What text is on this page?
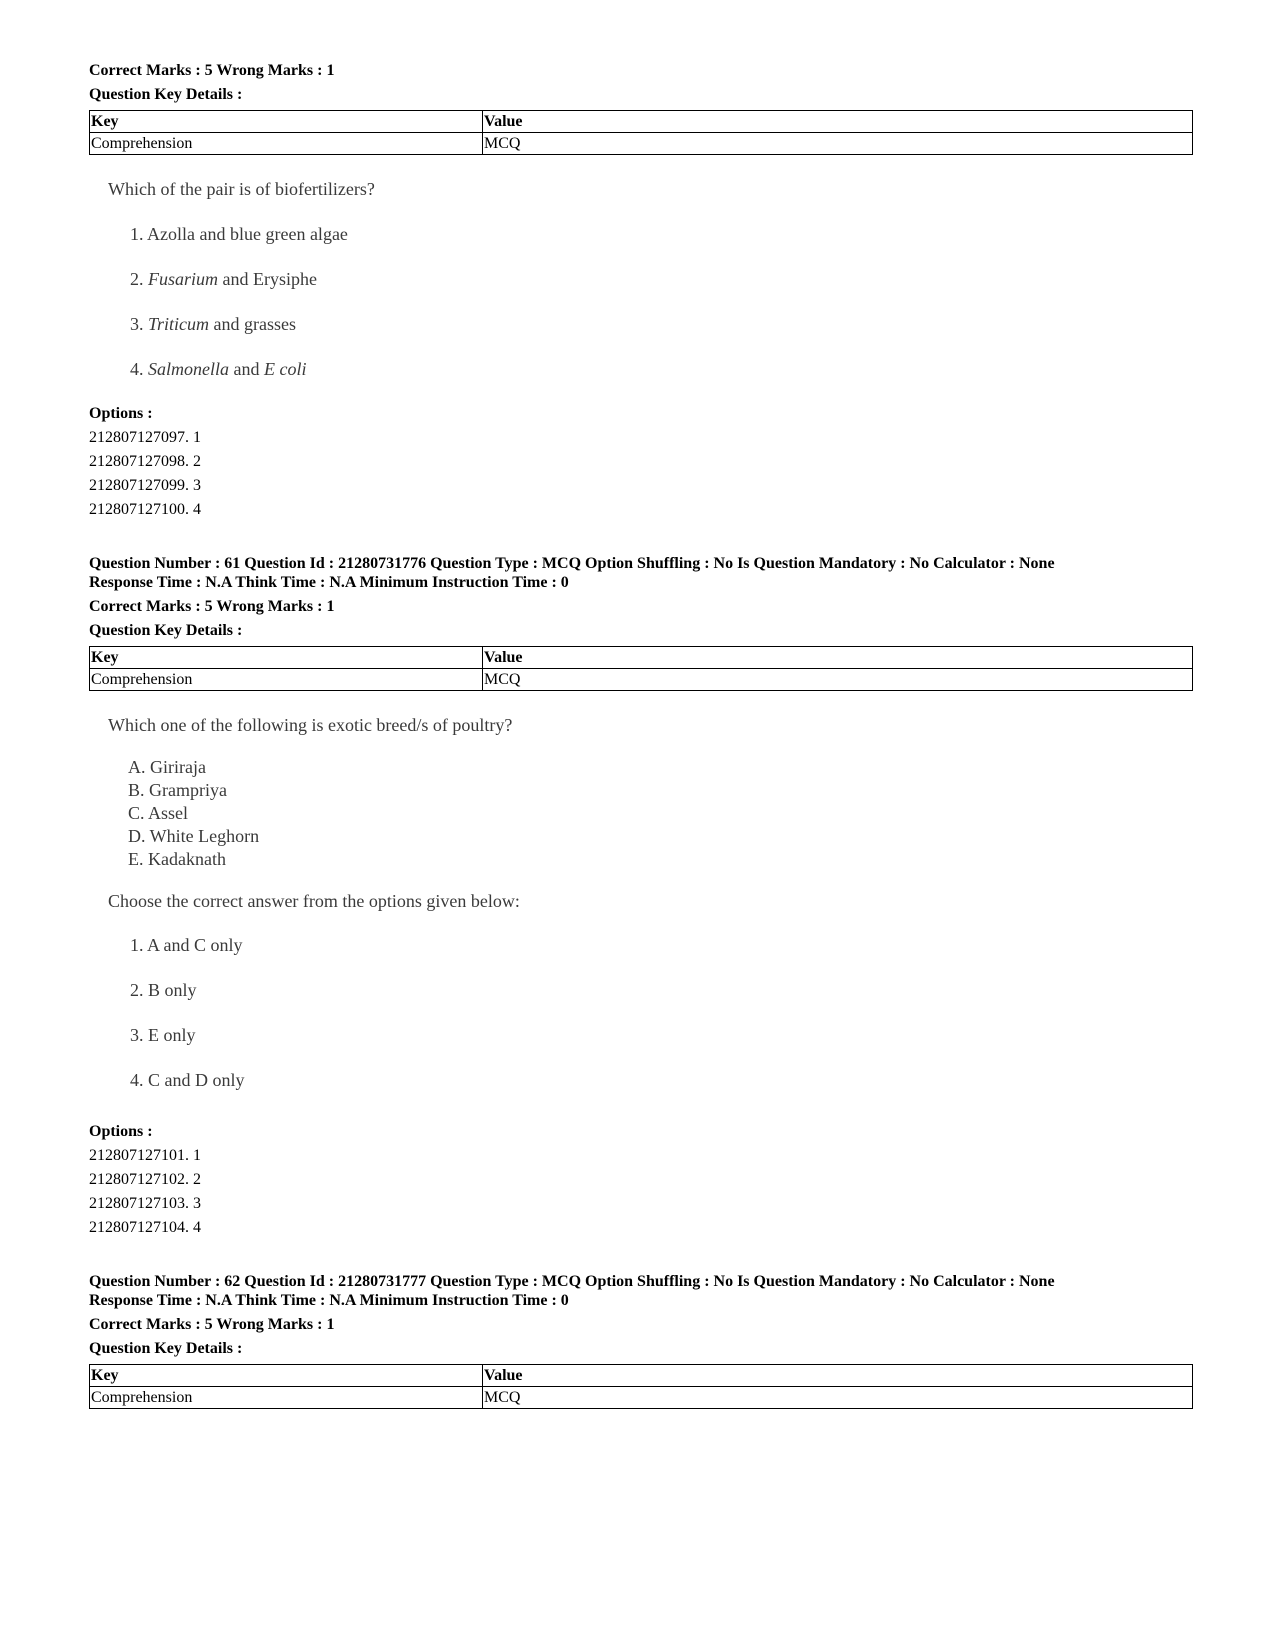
Correct Marks : 5 Wrong Marks : 1
Question Key Details :
Key	Value
Comprehension	MCQ
Which of the pair is of biofertilizers?
1. Azolla and blue green algae
2. Fusarium and Erysiphe
3. Triticum and grasses
4. Salmonella and E coli
Options :
212807127097. 1
212807127098. 2
212807127099. 3
212807127100. 4
Question Number : 61 Question Id : 21280731776 Question Type : MCQ Option Shuffling : No Is Question Mandatory : No Calculator : None
Response Time : N.A Think Time : N.A Minimum Instruction Time : 0
Correct Marks : 5 Wrong Marks : 1
Question Key Details :
Key	Value
Comprehension	MCQ
Which one of the following is exotic breed/s of poultry?
A. Giriraja
B. Grampriya
C. Assel
D. White Leghorn
E. Kadaknath
Choose the correct answer from the options given below:
1. A and C only
2. B only
3. E only
4. C and D only
Options :
212807127101. 1
212807127102. 2
212807127103. 3
212807127104. 4
Question Number : 62 Question Id : 21280731777 Question Type : MCQ Option Shuffling : No Is Question Mandatory : No Calculator : None
Response Time : N.A Think Time : N.A Minimum Instruction Time : 0
Correct Marks : 5 Wrong Marks : 1
Question Key Details :
Key	Value
Comprehension	MCQ
